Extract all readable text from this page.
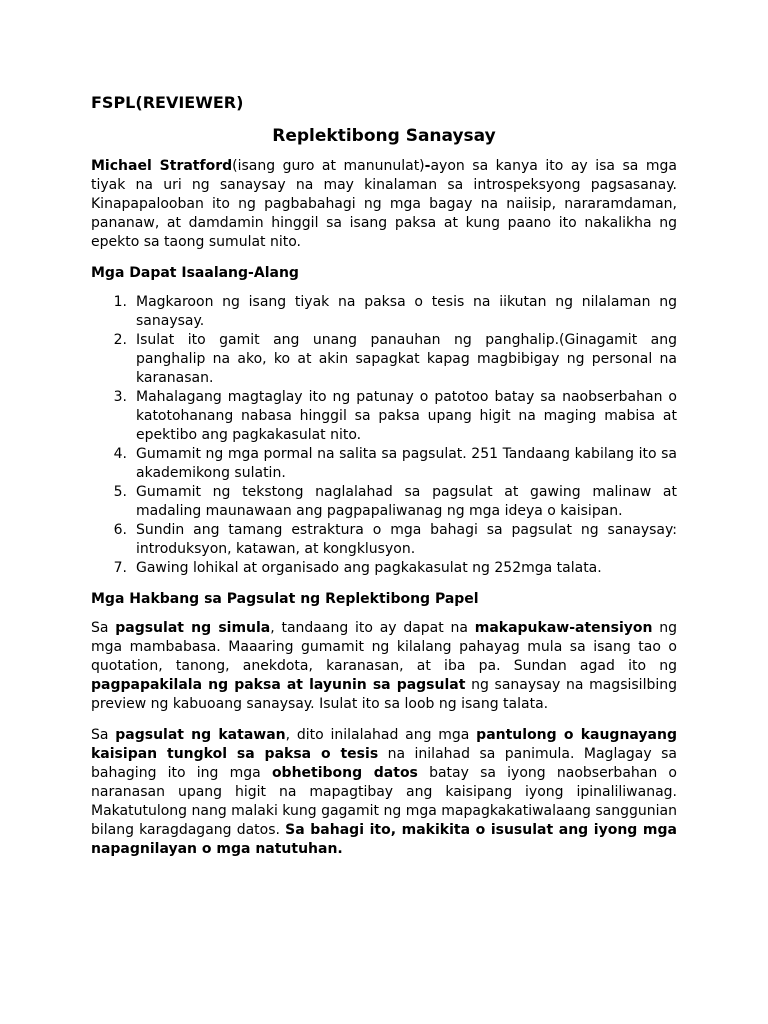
FSPL(REVIEWER)
Replektibong Sanaysay

Michael Stratford(isang guro at manunulat)-ayon sa kanya ito ay isa sa mga tiyak na uri ng sanaysay na may kinalaman sa introspeksyong pagsasanay. Kinapapalooban ito ng pagbabahagi ng mga bagay na naiisip, nararamdaman, pananaw, at damdamin hinggil sa isang paksa at kung paano ito nakalikha ng epekto sa taong sumulat nito.

Mga Dapat Isaalang-Alang
1. Magkaroon ng isang tiyak na paksa o tesis na iikutan ng nilalaman ng sanaysay.
2. Isulat ito gamit ang unang panauhan ng panghalip.(Ginagamit ang panghalip na ako, ko at akin sapagkat kapag magbibigay ng personal na karanasan.
3. Mahalagang magtaglay ito ng patunay o patotoo batay sa naobserbahan o katotohanang nabasa hinggil sa paksa upang higit na maging mabisa at epektibo ang pagkakasulat nito.
4. Gumamit ng mga pormal na salita sa pagsulat. 251 Tandaang kabilang ito sa akademikong sulatin.
5. Gumamit ng tekstong naglalahad sa pagsulat at gawing malinaw at madaling maunawaan ang pagpapaliwanag ng mga ideya o kaisipan.
6. Sundin ang tamang estraktura o mga bahagi sa pagsulat ng sanaysay: introduksyon, katawan, at kongklusyon.
7. Gawing lohikal at organisado ang pagkakasulat ng 252mga talata.
Mga Hakbang sa Pagsulat ng Replektibong Papel

Sa pagsulat ng simula, tandaang ito ay dapat na makapukaw-atensiyon ng mga mambabasa. Maaaring gumamit ng kilalang pahayag mula sa isang tao o quotation, tanong, anekdota, karanasan, at iba pa. Sundan agad ito ng pagpapakilala ng paksa at layunin sa pagsulat ng sanaysay na magsisilbing preview ng kabuoang sanaysay. Isulat ito sa loob ng isang talata.

Sa pagsulat ng katawan, dito inilalahad ang mga pantulong o kaugnayang kaisipan tungkol sa paksa o tesis na inilahad sa panimula. Maglagay sa bahaging ito ing mga obhetibong datos batay sa iyong naobserbahan o naranasan upang higit na mapagtibay ang kaisipang iyong ipinaliliwanag. Makatutulong nang malaki kung gagamit ng mga mapagkakatiwalaang sanggunian bilang karagdagang datos. Sa bahagi ito, makikita o isusulat ang iyong mga napagnilayan o mga natutuhan.
